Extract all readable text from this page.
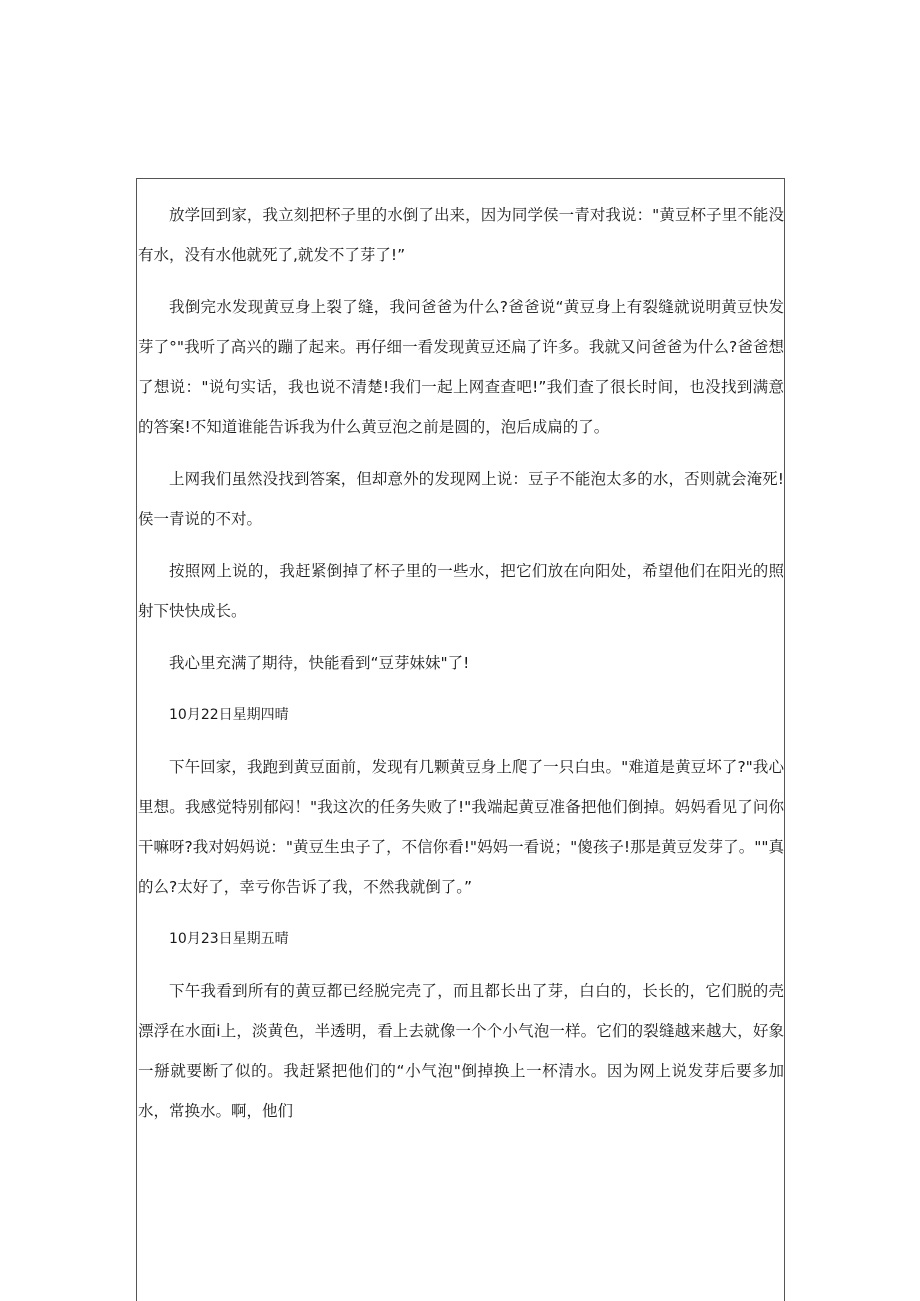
放学回到家，我立刻把杯子里的水倒了出来，因为同学侯一青对我说："黄豆杯子里不能没有水，没有水他就死了,就发不了芽了!”

我倒完水发现黄豆身上裂了缝，我问爸爸为什么?爸爸说“黄豆身上有裂缝就说明黄豆快发芽了°"我听了高兴的蹦了起来。再仔细一看发现黄豆还扁了许多。我就又问爸爸为什么?爸爸想了想说："说句实话，我也说不清楚!我们一起上网查查吧!”我们查了很长时间，也没找到满意的答案!不知道谁能告诉我为什么黄豆泡之前是圆的，泡后成扁的了。

上网我们虽然没找到答案，但却意外的发现网上说：豆子不能泡太多的水，否则就会淹死!侯一青说的不对。

按照网上说的，我赶紧倒掉了杯子里的一些水，把它们放在向阳处，希望他们在阳光的照射下快快成长。

我心里充满了期待，快能看到“豆芽妹妹"了!

10月22日星期四晴

下午回家，我跑到黄豆面前，发现有几颗黄豆身上爬了一只白虫。"难道是黄豆坏了?"我心里想。我感觉特别郁闷！"我这次的任务失败了!"我端起黄豆准备把他们倒掉。妈妈看见了问你干嘛呀?我对妈妈说："黄豆生虫子了，不信你看!"妈妈一看说；"傻孩子!那是黄豆发芽了。""真的么?太好了，幸亏你告诉了我，不然我就倒了。”

10月23日星期五晴

下午我看到所有的黄豆都已经脱完壳了，而且都长出了芽，白白的，长长的，它们脱的壳漂浮在水面i上，淡黄色，半透明，看上去就像一个个小气泡一样。它们的裂缝越来越大，好象一掰就要断了似的。我赶紧把他们的“小气泡"倒掉换上一杯清水。因为网上说发芽后要多加水，常换水。啊，他们
